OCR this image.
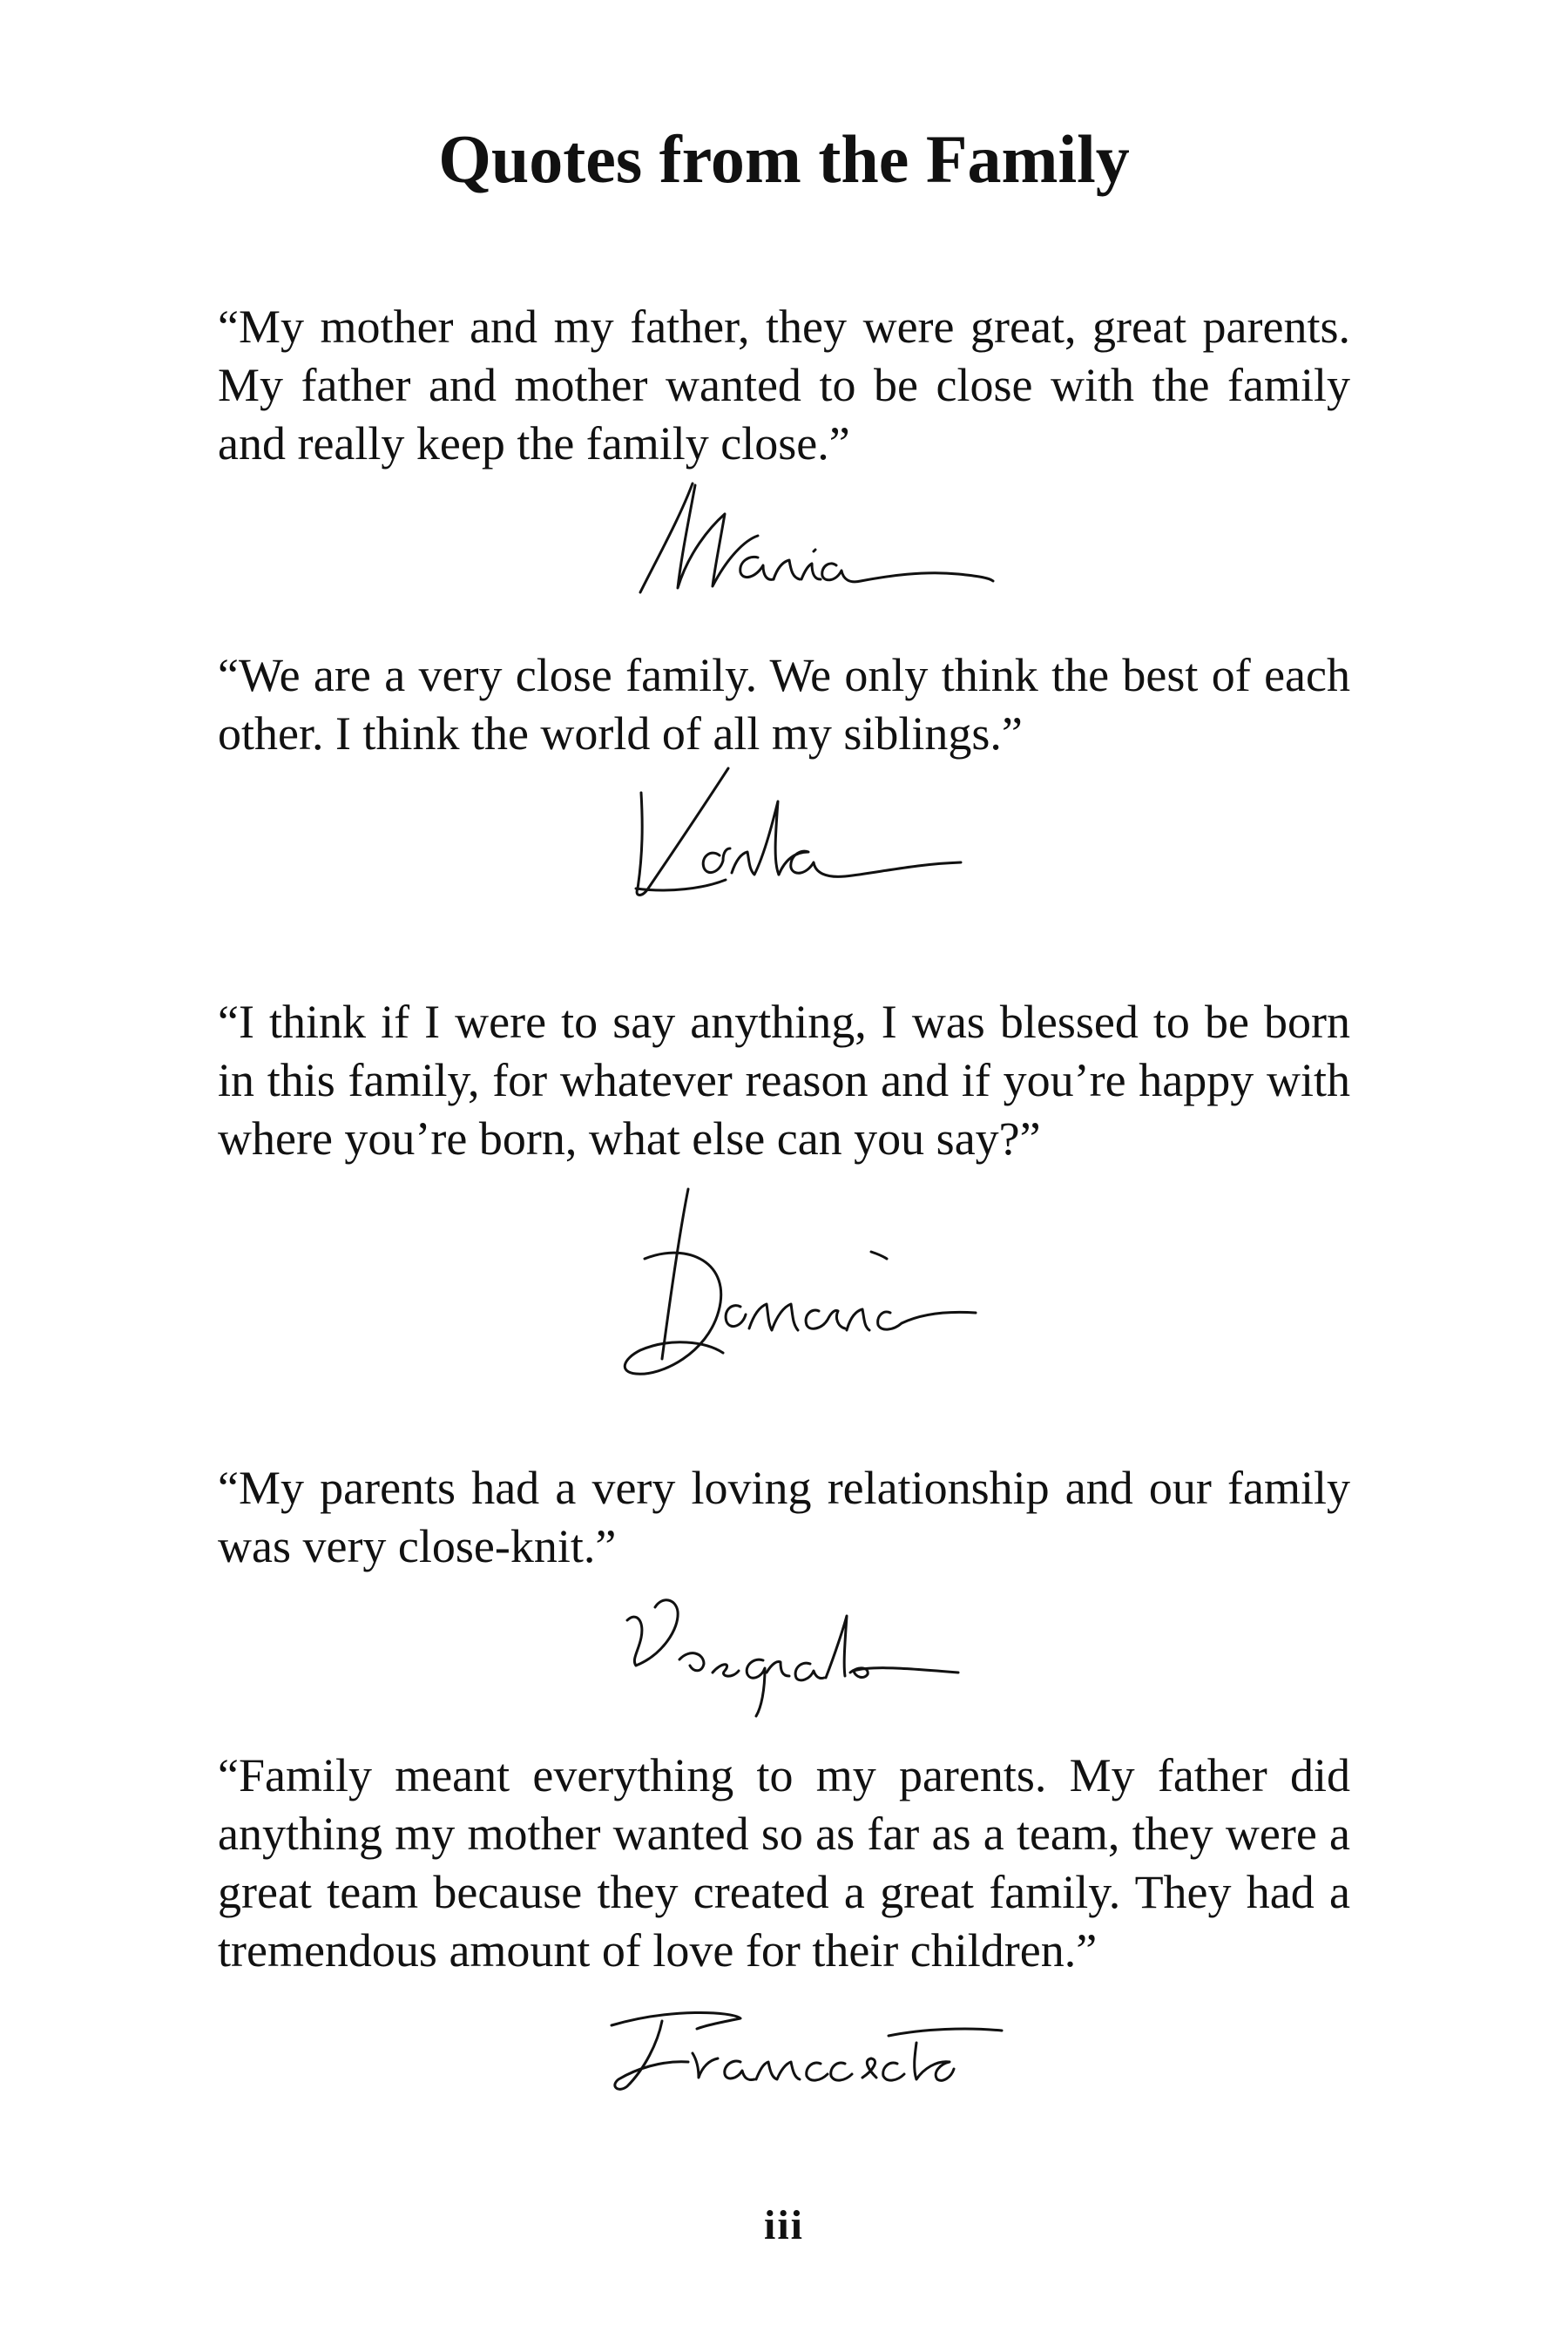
Quotes from the Family

“My mother and my father, they were great, great parents. My father and mother wanted to be close with the family and really keep the family close.”

“We are a very close family. We only think the best of each other. I think the world of all my siblings.”

“I think if I were to say anything, I was blessed to be born in this family, for whatever reason and if you’re happy with where you’re born, what else can you say?”

“My parents had a very loving relationship and our family was very close-knit.”

“Family meant everything to my parents. My father did anything my mother wanted so as far as a team, they were a great team because they created a great family. They had a tremendous amount of love for their children.”

iii
